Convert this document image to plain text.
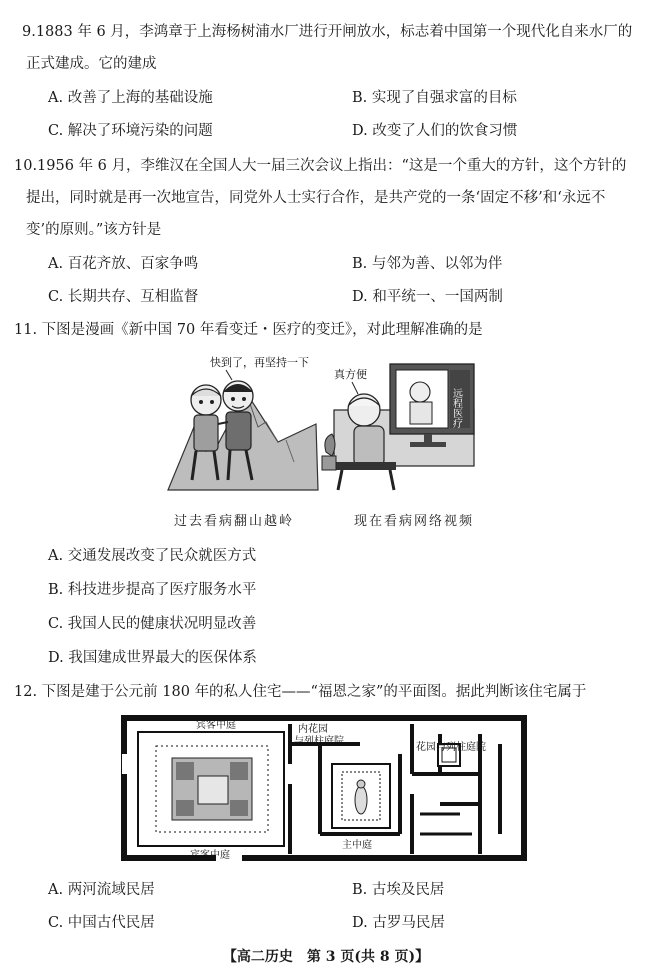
9.1883 年 6 月，李鸿章于上海杨树浦水厂进行开闸放水，标志着中国第一个现代化自来水厂的
正式建成。它的建成
A. 改善了上海的基础设施	B. 实现了自强求富的目标
C. 解决了环境污染的问题	D. 改变了人们的饮食习惯
10.1956 年 6 月，李维汉在全国人大一届三次会议上指出：“这是一个重大的方针，这个方针的
提出，同时就是再一次地宣告，同党外人士实行合作，是共产党的一条‘固定不移’和‘永远不
变’的原则。”该方针是
A. 百花齐放、百家争鸣	B. 与邻为善、以邻为伴
C. 长期共存、互相监督	D. 和平统一、一国两制
11. 下图是漫画《新中国 70 年看变迁・医疗的变迁》，对此理解准确的是
快到了，再坚持一下
远程医疗
真方便
过去看病翻山越岭	现在看病网络视频
A. 交通发展改变了民众就医方式
B. 科技进步提高了医疗服务水平
C. 我国人民的健康状况明显改善
D. 我国建成世界最大的医保体系
12. 下图是建于公元前 180 年的私人住宅——“福恩之家”的平面图。据此判断该住宅属于
宾客中庭	内花园
与列柱庭院
花园与列柱庭院
宾客中庭
主中庭
A. 两河流域民居	B. 古埃及民居
C. 中国古代民居	D. 古罗马民居
【高二历史　第 3 页(共 8 页)】
